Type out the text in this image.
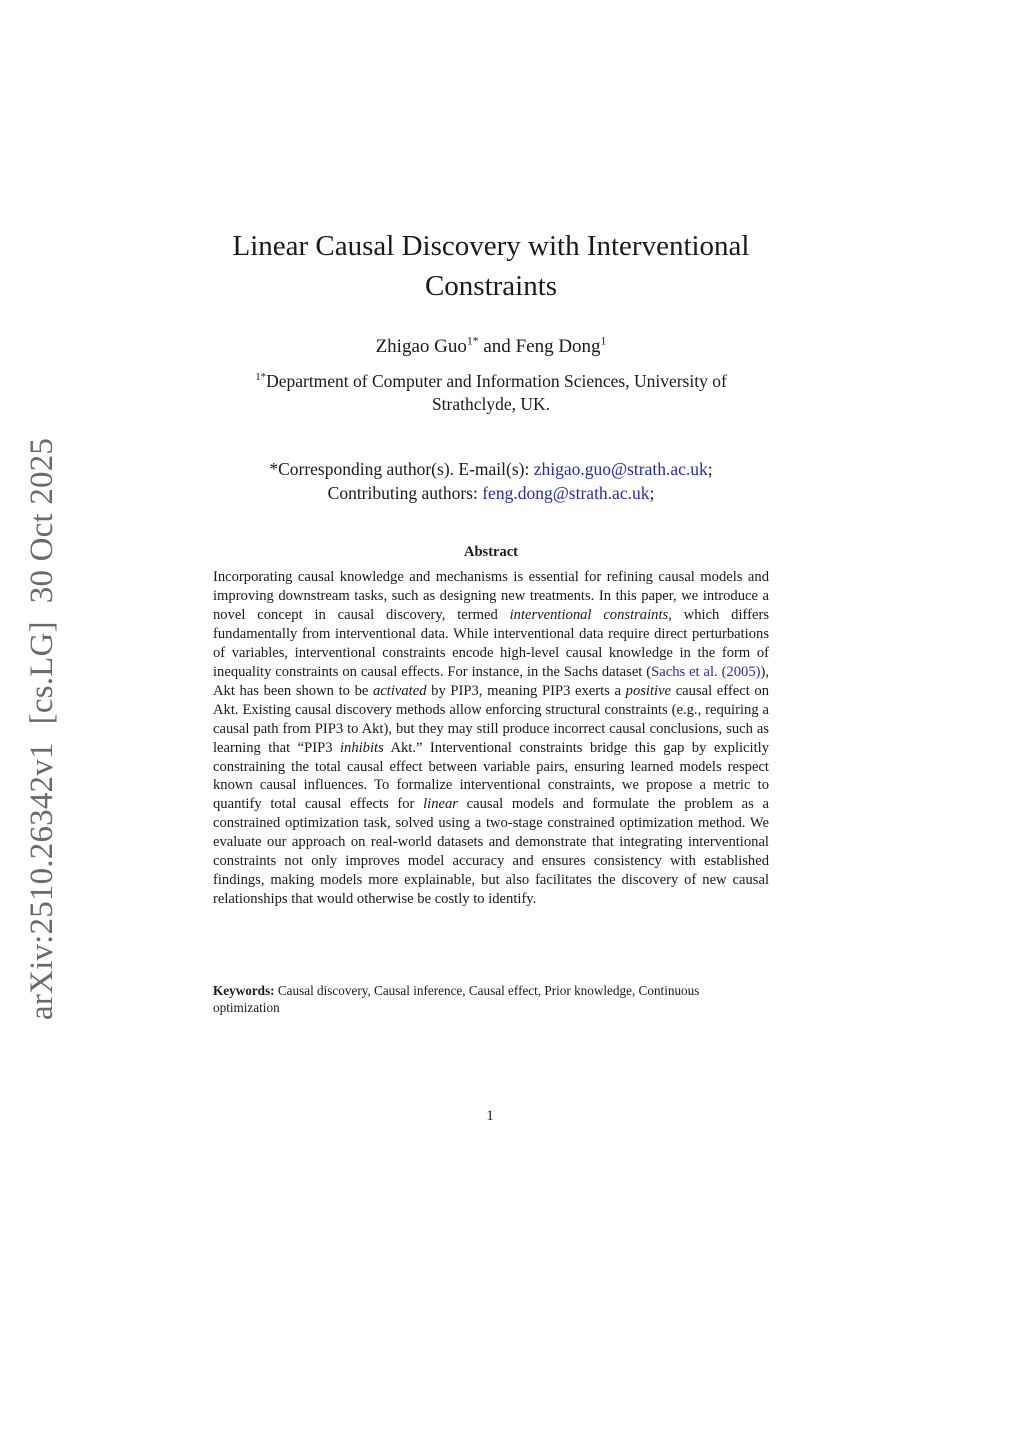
arXiv:2510.26342v1[cs.LG]30 Oct 2025
Linear Causal Discovery with Interventional
Constraints
Zhigao Guo$^{1*}$ and Feng Dong$^1$
$^{1*}$Department of Computer and Information Sciences, University of
Strathclyde, UK.
*Corresponding author(s). E-mail(s): zhigao.guo@strath.ac.uk;
Contributing authors: feng.dong@strath.ac.uk;
Abstract
Incorporating causal knowledge and mechanisms is essential for refining causal models and improving downstream tasks, such as designing new treatments. In this paper, we introduce a novel concept in causal discovery, termed interventional constraints, which differs fundamentally from interventional data. While interventional data require direct perturbations of variables, interventional constraints encode high-level causal knowledge in the form of inequality constraints on causal effects. For instance, in the Sachs dataset (Sachs et al. (2005)), Akt has been shown to be activated by PIP3, meaning PIP3 exerts a positive causal effect on Akt. Existing causal discovery methods allow enforcing structural constraints (e.g., requiring a causal path from PIP3 to Akt), but they may still produce incorrect causal conclusions, such as learning that “PIP3 inhibits Akt.” Interventional constraints bridge this gap by explicitly constraining the total causal effect between variable pairs, ensuring learned models respect known causal influences. To formalize interventional constraints, we propose a metric to quantify total causal effects for linear causal models and formulate the problem as a constrained optimization task, solved using a two-stage constrained optimization method. We evaluate our approach on real-world datasets and demonstrate that integrating interventional constraints not only improves model accuracy and ensures consistency with established findings, making models more explainable, but also facilitates the discovery of new causal relationships that would otherwise be costly to identify.
Keywords: Causal discovery, Causal inference, Causal effect, Prior knowledge, Continuous optimization
1
